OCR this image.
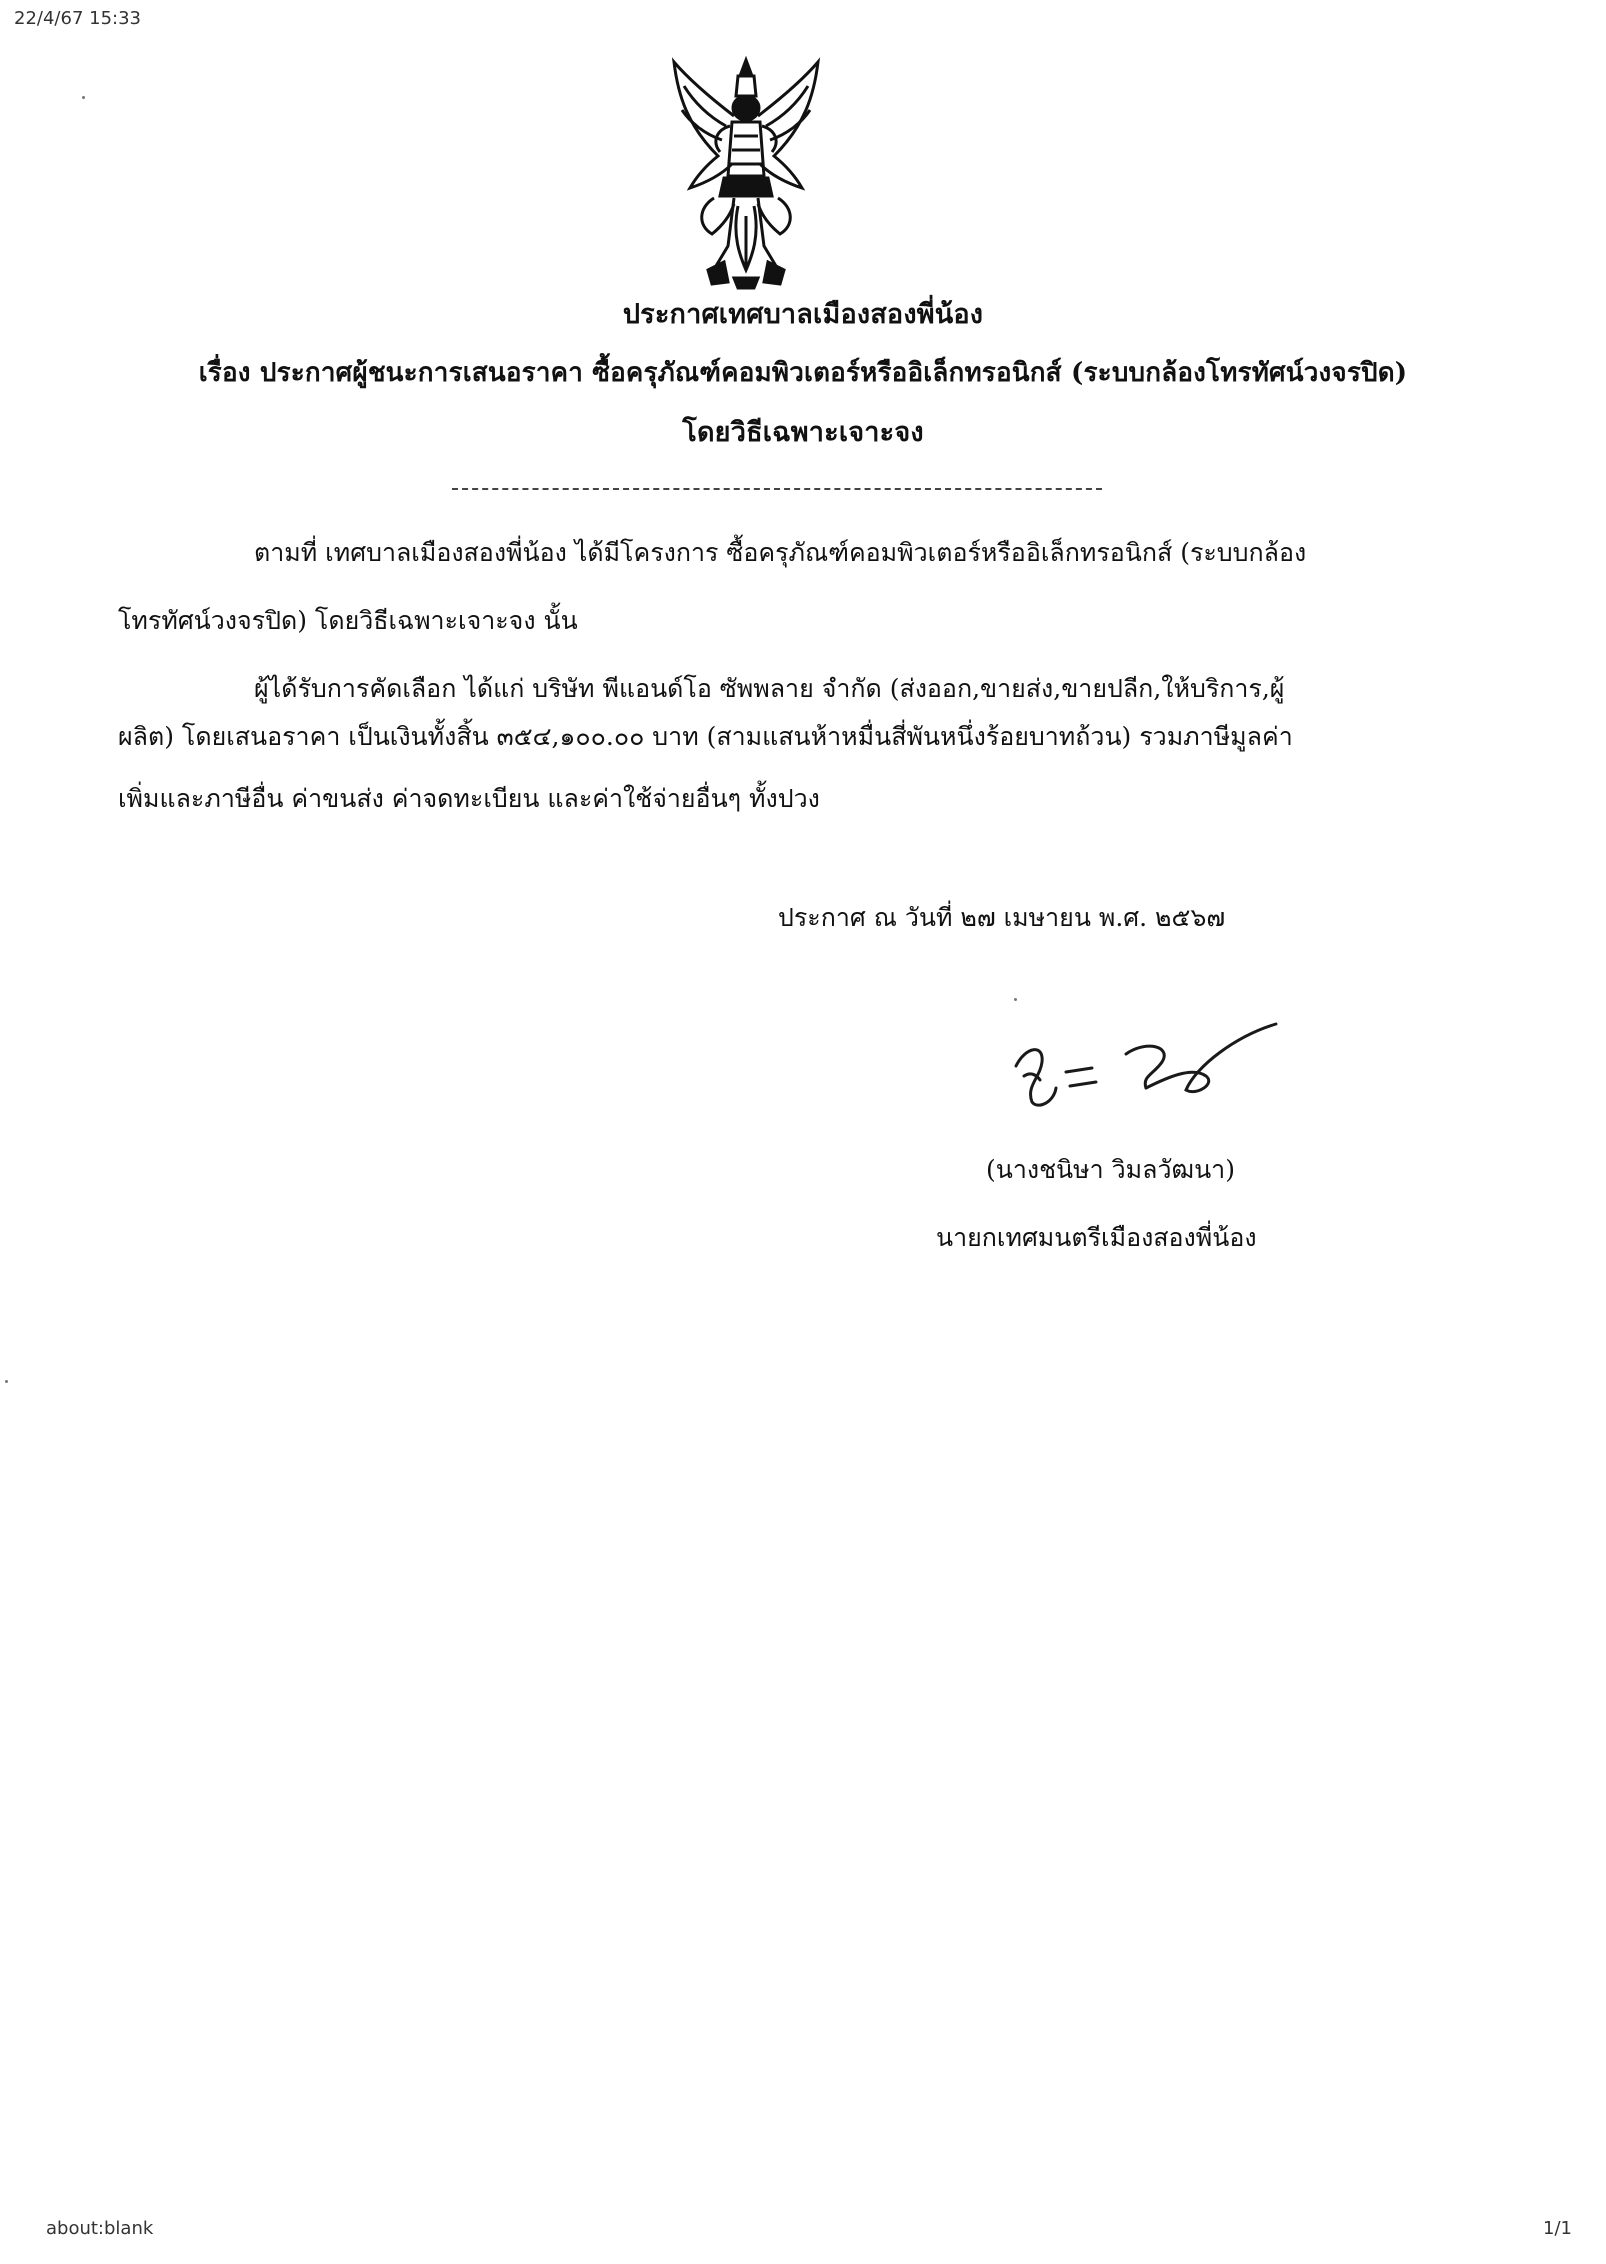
22/4/67 15:33
ประกาศเทศบาลเมืองสองพี่น้อง
เรื่อง ประกาศผู้ชนะการเสนอราคา ซื้อครุภัณฑ์คอมพิวเตอร์หรืออิเล็กทรอนิกส์ (ระบบกล้องโทรทัศน์วงจรปิด)
โดยวิธีเฉพาะเจาะจง
ตามที่ เทศบาลเมืองสองพี่น้อง ได้มีโครงการ ซื้อครุภัณฑ์คอมพิวเตอร์หรืออิเล็กทรอนิกส์ (ระบบกล้อง
โทรทัศน์วงจรปิด) โดยวิธีเฉพาะเจาะจง นั้น
ผู้ได้รับการคัดเลือก ได้แก่ บริษัท พีแอนด์โอ ซัพพลาย จำกัด (ส่งออก,ขายส่ง,ขายปลีก,ให้บริการ,ผู้
ผลิต) โดยเสนอราคา เป็นเงินทั้งสิ้น ๓๕๔,๑๐๐.๐๐ บาท (สามแสนห้าหมื่นสี่พันหนึ่งร้อยบาทถ้วน) รวมภาษีมูลค่า
เพิ่มและภาษีอื่น ค่าขนส่ง ค่าจดทะเบียน และค่าใช้จ่ายอื่นๆ ทั้งปวง
ประกาศ ณ วันที่ ๒๗ เมษายน พ.ศ. ๒๕๖๗
(นางชนิษา วิมลวัฒนา)
นายกเทศมนตรีเมืองสองพี่น้อง
about:blank	1/1
